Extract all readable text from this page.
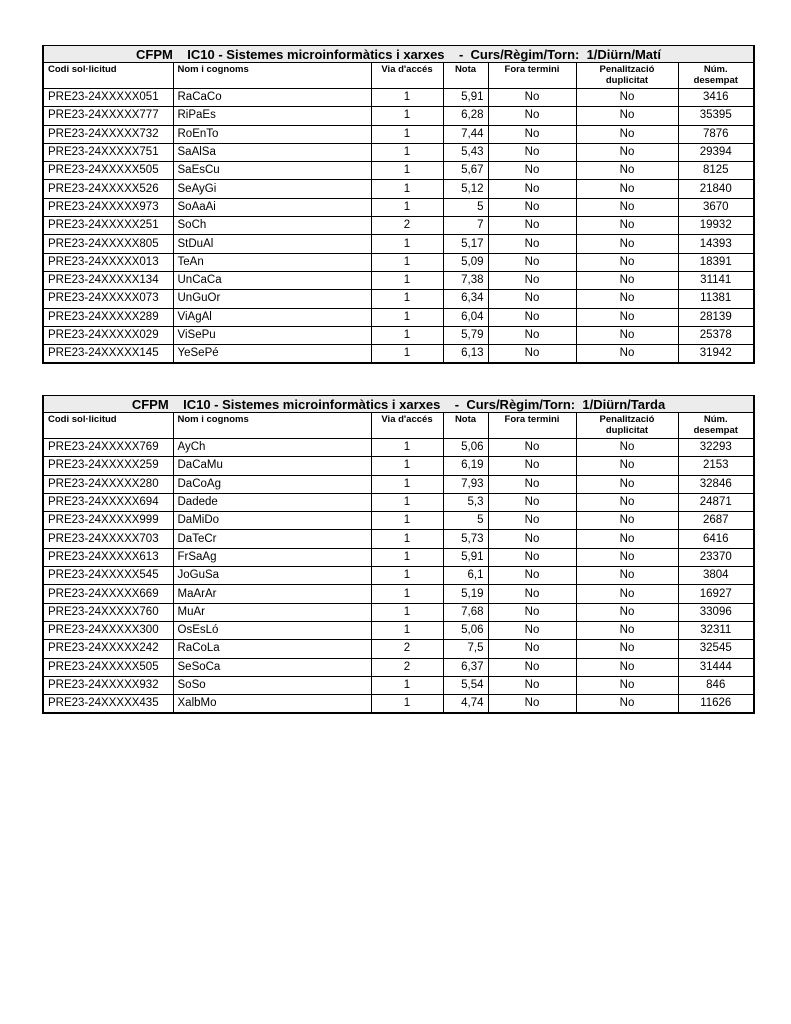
CFPM    IC10 - Sistemes microinformàtics i xarxes    -  Curs/Règim/Torn:  1/Diürn/Matí						
Codi sol·licitud	Nom i cognoms	Via d'accés	Nota	Fora termini	Penalització duplicitat	Núm. desempat
PRE23-24XXXXX051	RaCaCo	1	5,91	No	No	3416
PRE23-24XXXXX777	RiPaEs	1	6,28	No	No	35395
PRE23-24XXXXX732	RoEnTo	1	7,44	No	No	7876
PRE23-24XXXXX751	SaAlSa	1	5,43	No	No	29394
PRE23-24XXXXX505	SaEsCu	1	5,67	No	No	8125
PRE23-24XXXXX526	SeAyGi	1	5,12	No	No	21840
PRE23-24XXXXX973	SoAaAi	1	5	No	No	3670
PRE23-24XXXXX251	SoCh	2	7	No	No	19932
PRE23-24XXXXX805	StDuAl	1	5,17	No	No	14393
PRE23-24XXXXX013	TeAn	1	5,09	No	No	18391
PRE23-24XXXXX134	UnCaCa	1	7,38	No	No	31141
PRE23-24XXXXX073	UnGuOr	1	6,34	No	No	11381
PRE23-24XXXXX289	ViAgAl	1	6,04	No	No	28139
PRE23-24XXXXX029	ViSePu	1	5,79	No	No	25378
PRE23-24XXXXX145	YeSePé	1	6,13	No	No	31942
CFPM    IC10 - Sistemes microinformàtics i xarxes    -  Curs/Règim/Torn:  1/Diürn/Tarda						
Codi sol·licitud	Nom i cognoms	Via d'accés	Nota	Fora termini	Penalització duplicitat	Núm. desempat
PRE23-24XXXXX769	AyCh	1	5,06	No	No	32293
PRE23-24XXXXX259	DaCaMu	1	6,19	No	No	2153
PRE23-24XXXXX280	DaCoAg	1	7,93	No	No	32846
PRE23-24XXXXX694	Dadede	1	5,3	No	No	24871
PRE23-24XXXXX999	DaMiDo	1	5	No	No	2687
PRE23-24XXXXX703	DaTeCr	1	5,73	No	No	6416
PRE23-24XXXXX613	FrSaAg	1	5,91	No	No	23370
PRE23-24XXXXX545	JoGuSa	1	6,1	No	No	3804
PRE23-24XXXXX669	MaArAr	1	5,19	No	No	16927
PRE23-24XXXXX760	MuAr	1	7,68	No	No	33096
PRE23-24XXXXX300	OsEsLó	1	5,06	No	No	32311
PRE23-24XXXXX242	RaCoLa	2	7,5	No	No	32545
PRE23-24XXXXX505	SeSoCa	2	6,37	No	No	31444
PRE23-24XXXXX932	SoSo	1	5,54	No	No	846
PRE23-24XXXXX435	XalbMo	1	4,74	No	No	11626
